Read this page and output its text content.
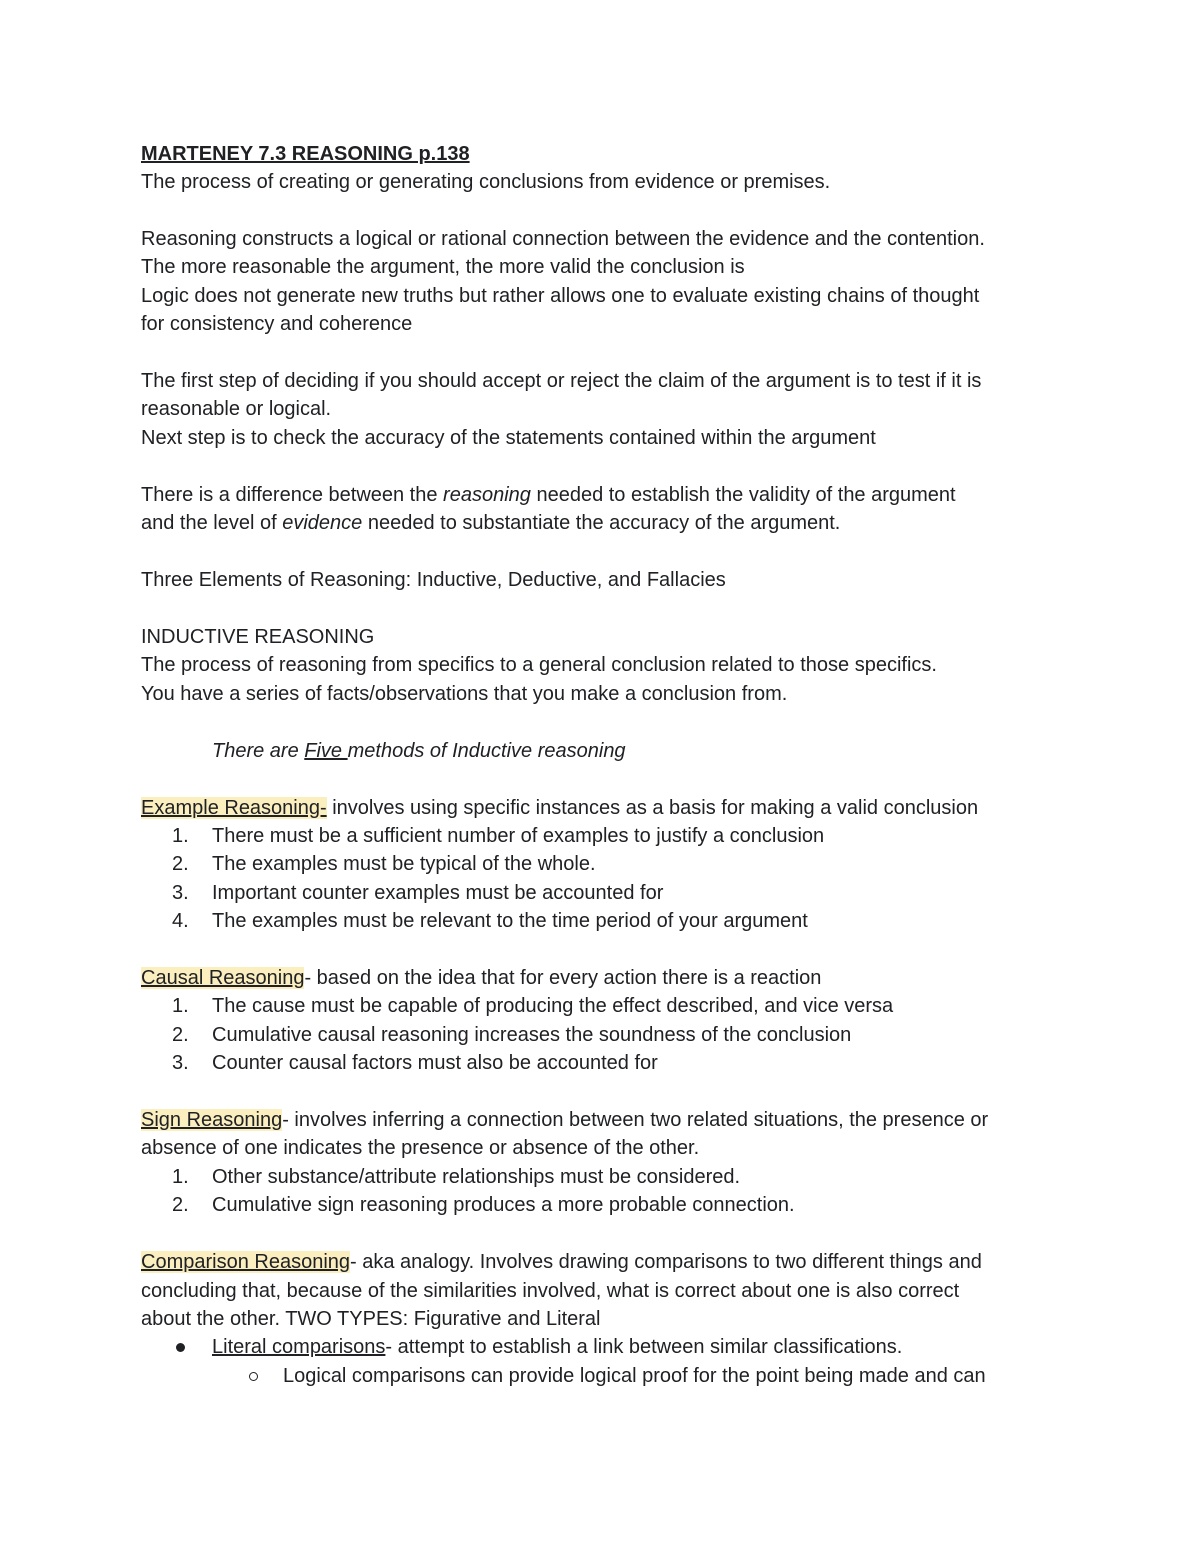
MARTENEY 7.3 REASONING p.138
The process of creating or generating conclusions from evidence or premises.
Reasoning constructs a logical or rational connection between the evidence and the contention.
The more reasonable the argument, the more valid the conclusion is
Logic does not generate new truths but rather allows one to evaluate existing chains of thought
for consistency and coherence
The first step of deciding if you should accept or reject the claim of the argument is to test if it is
reasonable or logical.
Next step is to check the accuracy of the statements contained within the argument
There is a difference between the reasoning needed to establish the validity of the argument
and the level of evidence needed to substantiate the accuracy of the argument.
Three Elements of Reasoning: Inductive, Deductive, and Fallacies
INDUCTIVE REASONING
The process of reasoning from specifics to a general conclusion related to those specifics.
You have a series of facts/observations that you make a conclusion from.
There are Five methods of Inductive reasoning
Example Reasoning- involves using specific instances as a basis for making a valid conclusion
1.	There must be a sufficient number of examples to justify a conclusion
2.	The examples must be typical of the whole.
3.	Important counter examples must be accounted for
4.	The examples must be relevant to the time period of your argument
Causal Reasoning- based on the idea that for every action there is a reaction
1.	The cause must be capable of producing the effect described, and vice versa
2.	Cumulative causal reasoning increases the soundness of the conclusion
3.	Counter causal factors must also be accounted for
Sign Reasoning- involves inferring a connection between two related situations, the presence or
absence of one indicates the presence or absence of the other.
1.	Other substance/attribute relationships must be considered.
2.	Cumulative sign reasoning produces a more probable connection.
Comparison Reasoning- aka analogy. Involves drawing comparisons to two different things and
concluding that, because of the similarities involved, what is correct about one is also correct
about the other. TWO TYPES: Figurative and Literal
Literal comparisons- attempt to establish a link between similar classifications.
Logical comparisons can provide logical proof for the point being made and can
